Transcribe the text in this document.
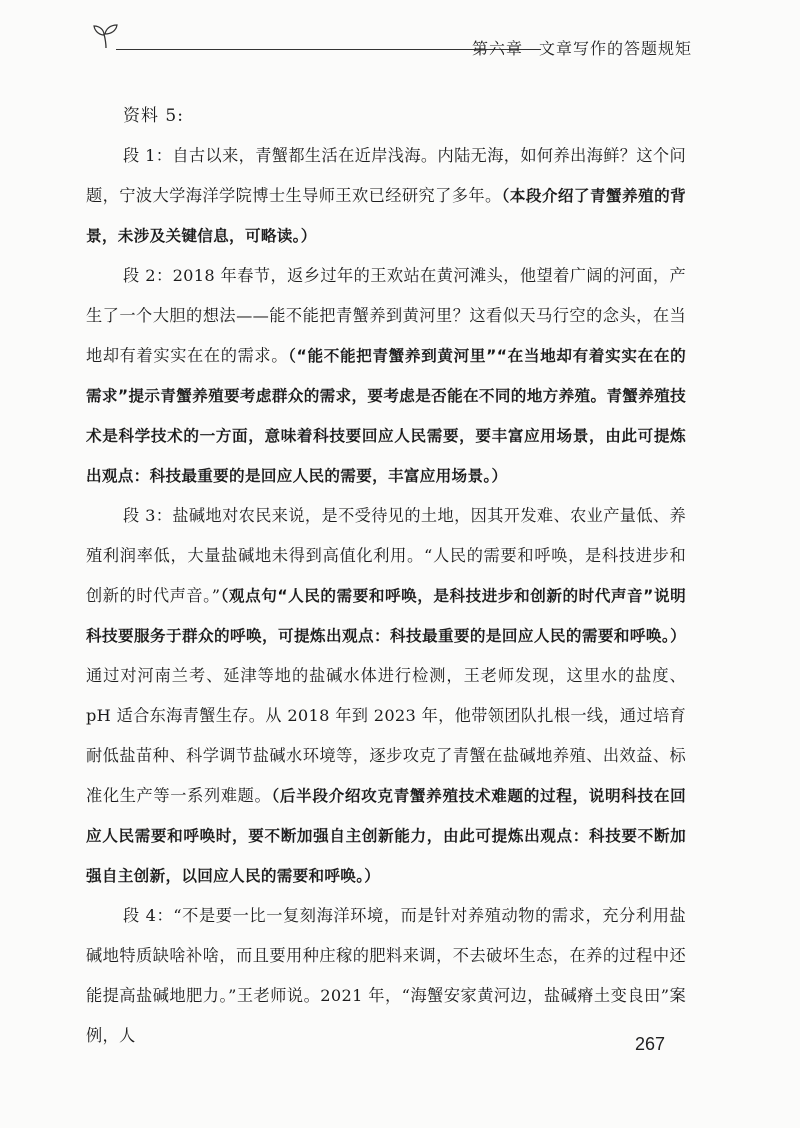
第六章 文章写作的答题规矩
资料 5:

段 1：自古以来，青蟹都生活在近岸浅海。内陆无海，如何养出海鲜？这个问题，宁波大学海洋学院博士生导师王欢已经研究了多年。（本段介绍了青蟹养殖的背景，未涉及关键信息，可略读。）

段 2：2018 年春节，返乡过年的王欢站在黄河滩头，他望着广阔的河面，产生了一个大胆的想法——能不能把青蟹养到黄河里？这看似天马行空的念头，在当地却有着实实在在的需求。（“能不能把青蟹养到黄河里”“在当地却有着实实在在的需求”提示青蟹养殖要考虑群众的需求，要考虑是否能在不同的地方养殖。青蟹养殖技术是科学技术的一方面，意味着科技要回应人民需要，要丰富应用场景，由此可提炼出观点：科技最重要的是回应人民的需要，丰富应用场景。）

段 3：盐碱地对农民来说，是不受待见的土地，因其开发难、农业产量低、养殖利润率低，大量盐碱地未得到高值化利用。“人民的需要和呼唤，是科技进步和创新的时代声音。”（观点句“人民的需要和呼唤，是科技进步和创新的时代声音”说明科技要服务于群众的呼唤，可提炼出观点：科技最重要的是回应人民的需要和呼唤。）通过对河南兰考、延津等地的盐碱水体进行检测，王老师发现，这里水的盐度、pH 适合东海青蟹生存。从 2018 年到 2023 年，他带领团队扎根一线，通过培育耐低盐苗种、科学调节盐碱水环境等，逐步攻克了青蟹在盐碱地养殖、出效益、标准化生产等一系列难题。（后半段介绍攻克青蟹养殖技术难题的过程，说明科技在回应人民需要和呼唤时，要不断加强自主创新能力，由此可提炼出观点：科技要不断加强自主创新，以回应人民的需要和呼唤。）

段 4：“不是要一比一复刻海洋环境，而是针对养殖动物的需求，充分利用盐碱地特质缺啥补啥，而且要用种庄稼的肥料来调，不去破坏生态，在养的过程中还能提高盐碱地肥力。”王老师说。2021 年，“海蟹安家黄河边，盐碱瘠土变良田”案例，人	267
